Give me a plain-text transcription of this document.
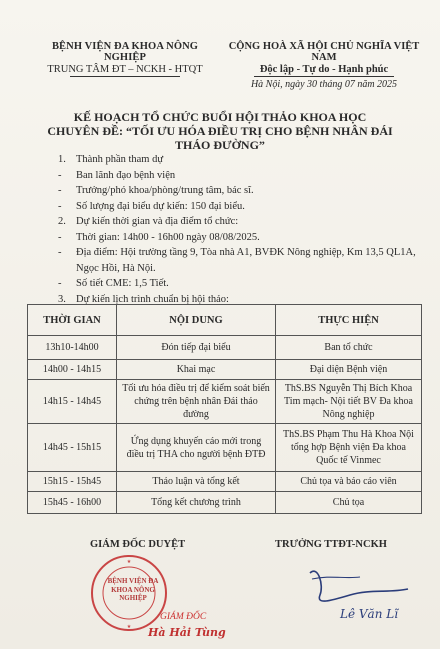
BỆNH VIỆN ĐA KHOA NÔNG NGHIỆP
TRUNG TÂM ĐT – NCKH - HTQT
CỘNG HOÀ XÃ HỘI CHỦ NGHĨA VIỆT NAM
Độc lập - Tự do - Hạnh phúc
Hà Nội, ngày 30 tháng 07 năm 2025
KẾ HOẠCH TỔ CHỨC BUỔI HỘI THẢO KHOA HỌC
CHUYÊN ĐỀ: “TỐI ƯU HÓA ĐIỀU TRỊ CHO BỆNH NHÂN ĐÁI
THÁO ĐƯỜNG”
1. Thành phần tham dự
-	Ban lãnh đạo bệnh viện
-	Trưởng/phó khoa/phòng/trung tâm, bác sĩ.
-	Số lượng đại biểu dự kiến: 150 đại biểu.
2. Dự kiến thời gian và địa điểm tổ chức:
-	Thời gian: 14h00 - 16h00 ngày 08/08/2025.
-	Địa điểm: Hội trường tầng 9, Tòa nhà A1, BVĐK Nông nghiệp, Km 13,5 QL1A, Ngọc Hồi, Hà Nội.
-	Số tiết CME: 1,5 Tiết.
3. Dự kiến lịch trình chuẩn bị hội thảo:
THỜI GIAN	NỘI DUNG	THỰC HIỆN
13h10-14h00	Đón tiếp đại biểu	Ban tổ chức
14h00 - 14h15	Khai mạc	Đại diện Bệnh viện
14h15 - 14h45	Tối ưu hóa điều trị để kiểm soát biến chứng trên bệnh nhân Đái tháo đường	ThS.BS Nguyễn Thị Bích Khoa Tim mạch- Nội tiết BV Đa khoa Nông nghiệp
14h45 - 15h15	Ứng dụng khuyến cáo mới trong điều trị THA cho người bệnh ĐTĐ	ThS.BS Phạm Thu Hà Khoa Nội tổng hợp Bệnh viện Đa khoa Quốc tế Vinmec
15h15 - 15h45	Thảo luận và tổng kết	Chủ tọa và báo cáo viên
15h45 - 16h00	Tổng kết chương trình	Chủ tọa
GIÁM ĐỐC DUYỆT	TRƯỞNG TTĐT-NCKH
★
★
BỆNH VIỆN ĐA KHOA NÔNG NGHIỆP
GIÁM ĐỐC
Hà Hải Tùng
Lê Văn Lĩ
